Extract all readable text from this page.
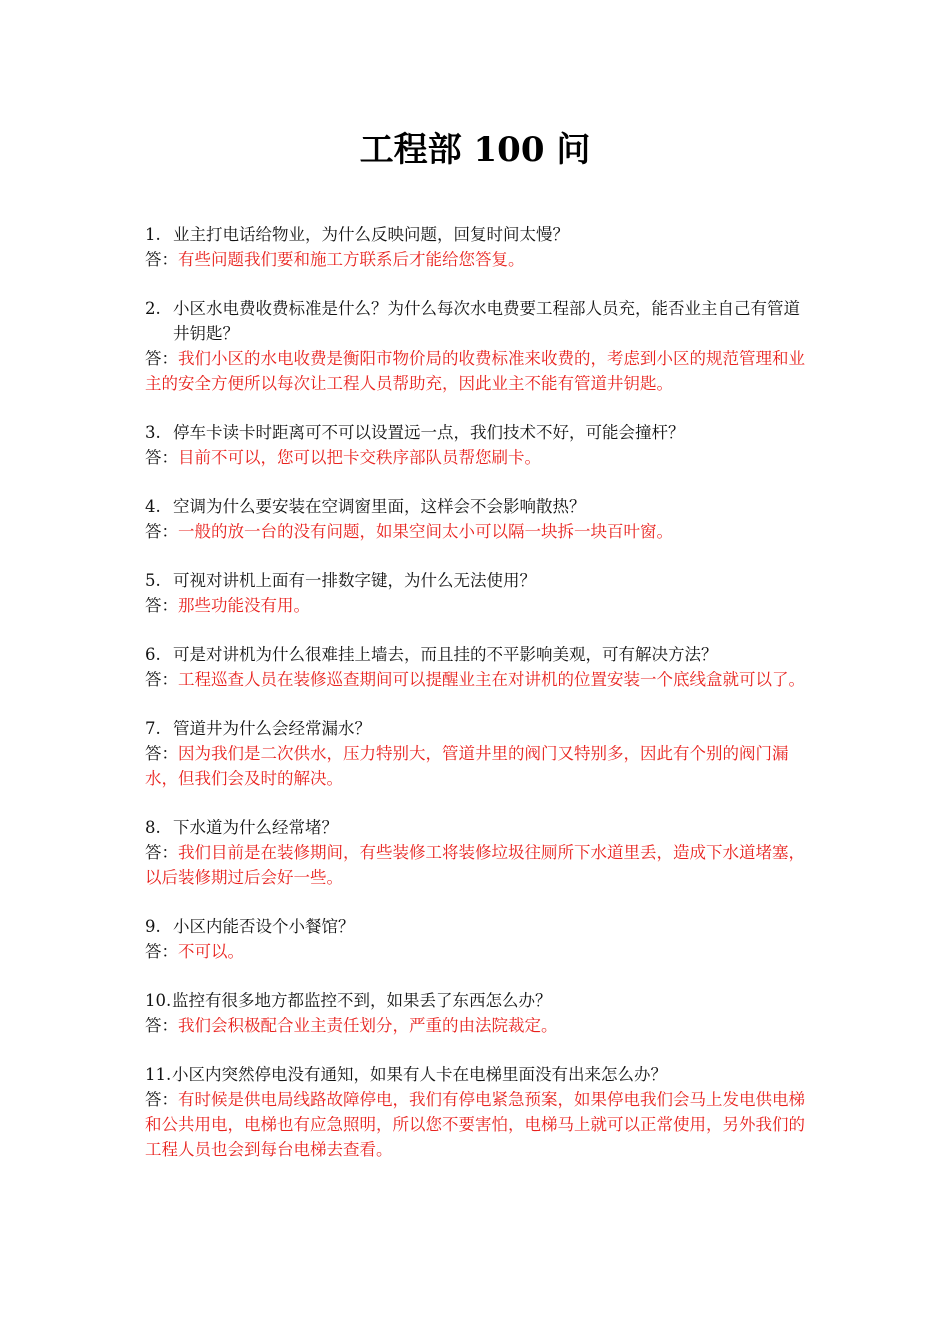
工程部 100 问
1. 业主打电话给物业，为什么反映问题，回复时间太慢？
答：有些问题我们要和施工方联系后才能给您答复。
2. 小区水电费收费标准是什么？为什么每次水电费要工程部人员充，能否业主自己有管道井钥匙？
答：我们小区的水电收费是衡阳市物价局的收费标准来收费的，考虑到小区的规范管理和业主的安全方便所以每次让工程人员帮助充，因此业主不能有管道井钥匙。
3. 停车卡读卡时距离可不可以设置远一点，我们技术不好，可能会撞杆？
答：目前不可以，您可以把卡交秩序部队员帮您刷卡。
4. 空调为什么要安装在空调窗里面，这样会不会影响散热？
答：一般的放一台的没有问题，如果空间太小可以隔一块拆一块百叶窗。
5. 可视对讲机上面有一排数字键，为什么无法使用？
答：那些功能没有用。
6. 可是对讲机为什么很难挂上墙去，而且挂的不平影响美观，可有解决方法？
答：工程巡查人员在装修巡查期间可以提醒业主在对讲机的位置安装一个底线盒就可以了。
7. 管道井为什么会经常漏水？
答：因为我们是二次供水，压力特别大，管道井里的阀门又特别多，因此有个别的阀门漏水，但我们会及时的解决。
8. 下水道为什么经常堵？
答：我们目前是在装修期间，有些装修工将装修垃圾往厕所下水道里丢，造成下水道堵塞，以后装修期过后会好一些。
9. 小区内能否设个小餐馆？
答：不可以。
10. 监控有很多地方都监控不到，如果丢了东西怎么办？
答：我们会积极配合业主责任划分，严重的由法院裁定。
11. 小区内突然停电没有通知，如果有人卡在电梯里面没有出来怎么办？
答：有时候是供电局线路故障停电，我们有停电紧急预案，如果停电我们会马上发电供电梯和公共用电，电梯也有应急照明，所以您不要害怕，电梯马上就可以正常使用，另外我们的工程人员也会到每台电梯去查看。
